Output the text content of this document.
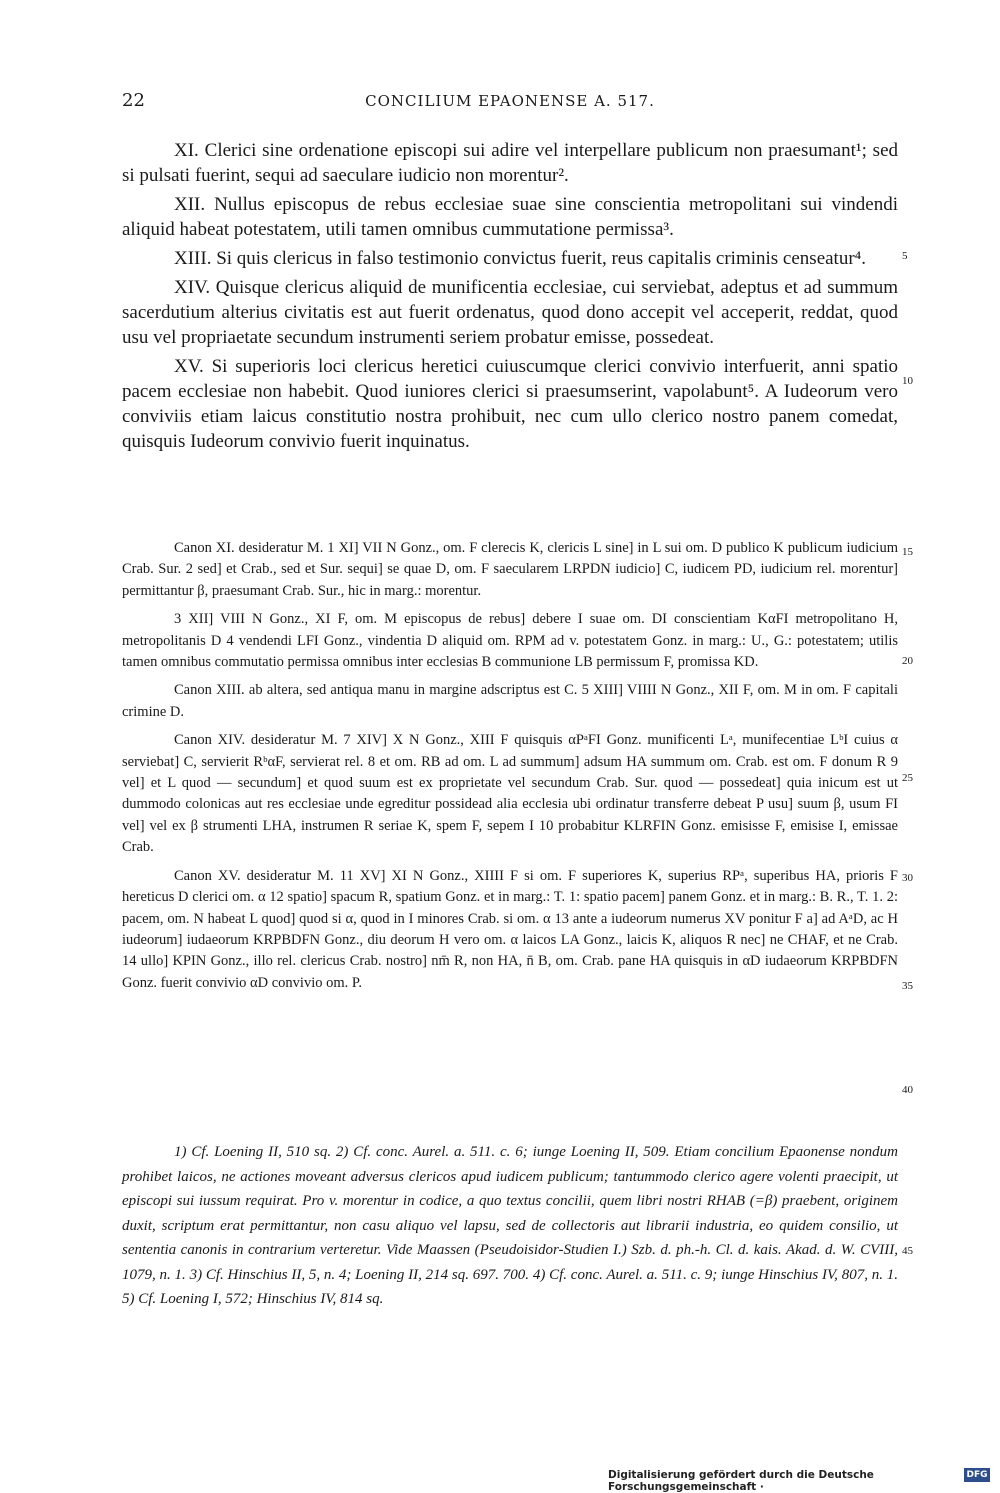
22	CONCILIUM EPAONENSE A. 517.

XI. Clerici sine ordenatione episcopi sui adire vel interpellare publicum non praesumant¹; sed si pulsati fuerint, sequi ad saeculare iudicio non morentur².

XII. Nullus episcopus de rebus ecclesiae suae sine conscientia metropolitani sui vindendi aliquid habeat potestatem, utili tamen omnibus cummutatione permissa³.

XIII. Si quis clericus in falso testimonio convictus fuerit, reus capitalis criminis censeatur⁴.

XIV. Quisque clericus aliquid de munificentia ecclesiae, cui serviebat, adeptus et ad summum sacerdutium alterius civitatis est aut fuerit ordenatus, quod dono accepit vel acceperit, reddat, quod usu vel propriaetate secundum instrumenti seriem probatur emisse, possedeat.

XV. Si superioris loci clericus heretici cuiuscumque clerici convivio interfuerit, anni spatio pacem ecclesiae non habebit. Quod iuniores clerici si praesumserint, vapolabunt⁵. A Iudeorum vero conviviis etiam laicus constitutio nostra prohibuit, nec cum ullo clerico nostro panem comedat, quisquis Iudeorum convivio fuerit inquinatus.

5
10
15
20
25
30
35
40
45

Canon XI. desideratur M. 1 XI] VII N Gonz., om. F clerecis K, clericis L sine] in L sui om. D publico K publicum iudicium Crab. Sur. 2 sed] et Crab., sed et Sur. sequi] se quae D, om. F saecularem LRPDN iudicio] C, iudicem PD, iudicium rel. morentur] permittantur β, praesumant Crab. Sur., hic in marg.: morentur.

3 XII] VIII N Gonz., XI F, om. M episcopus de rebus] debere I suae om. DI conscientiam KαFI metropolitano H, metropolitanis D 4 vendendi LFI Gonz., vindentia D aliquid om. RPM ad v. potestatem Gonz. in marg.: U., G.: potestatem; utilis tamen omnibus commutatio permissa omnibus inter ecclesias B communione LB permissum F, promissa KD.

Canon XIII. ab altera, sed antiqua manu in margine adscriptus est C. 5 XIII] VIIII N Gonz., XII F, om. M in om. F capitali crimine D.

Canon XIV. desideratur M. 7 XIV] X N Gonz., XIII F quisquis αPᵃFI Gonz. munificenti Lᵃ, munifecentiae LᵇI cuius α serviebat] C, servierit RᵇαF, servierat rel. 8 et om. RB ad om. L ad summum] adsum HA summum om. Crab. est om. F donum R 9 vel] et L quod — secundum] et quod suum est ex proprietate vel secundum Crab. Sur. quod — possedeat] quia inicum est ut dummodo colonicas aut res ecclesiae unde egreditur possidead alia ecclesia ubi ordinatur transferre debeat P usu] suum β, usum FI vel] vel ex β strumenti LHA, instrumen R seriae K, spem F, sepem I 10 probabitur KLRFIN Gonz. emisisse F, emisise I, emissae Crab.

Canon XV. desideratur M. 11 XV] XI N Gonz., XIIII F si om. F superiores K, superius RPᵃ, superibus HA, prioris F hereticus D clerici om. α 12 spatio] spacum R, spatium Gonz. et in marg.: T. 1: spatio pacem] panem Gonz. et in marg.: B. R., T. 1. 2: pacem, om. N habeat L quod] quod si α, quod in I minores Crab. si om. α 13 ante a iudeorum numerus XV ponitur F a] ad AᵃD, ac H iudeorum] iudaeorum KRPBDFN Gonz., diu deorum H vero om. α laicos LA Gonz., laicis K, aliquos R nec] ne CHAF, et ne Crab. 14 ullo] KPIN Gonz., illo rel. clericus Crab. nostro] nm̄ R, non HA, n̄ B, om. Crab. pane HA quisquis in αD iudaeorum KRPBDFN Gonz. fuerit convivio αD convivio om. P.

1) Cf. Loening II, 510 sq. 2) Cf. conc. Aurel. a. 511. c. 6; iunge Loening II, 509. Etiam concilium Epaonense nondum prohibet laicos, ne actiones moveant adversus clericos apud iudicem publicum; tantummodo clerico agere volenti praecipit, ut episcopi sui iussum requirat. Pro v. morentur in codice, a quo textus concilii, quem libri nostri RHAB (=β) praebent, originem duxit, scriptum erat permittantur, non casu aliquo vel lapsu, sed de collectoris aut librarii industria, eo quidem consilio, ut sententia canonis in contrarium verteretur. Vide Maassen (Pseudoisidor-Studien I.) Szb. d. ph.-h. Cl. d. kais. Akad. d. W. CVIII, 1079, n. 1. 3) Cf. Hinschius II, 5, n. 4; Loening II, 214 sq. 697. 700. 4) Cf. conc. Aurel. a. 511. c. 9; iunge Hinschius IV, 807, n. 1. 5) Cf. Loening I, 572; Hinschius IV, 814 sq.

Digitalisierung gefördert durch die Deutsche Forschungsgemeinschaft ·
DFG
